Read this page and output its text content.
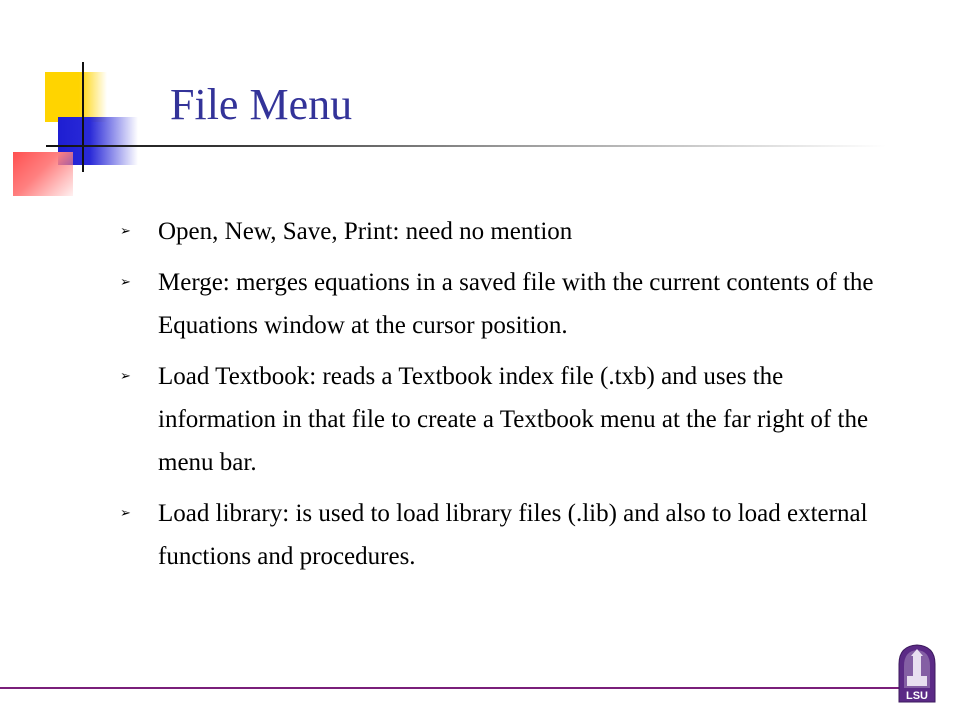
File Menu
➢ Open, New, Save, Print: need no mention
➢ Merge: merges equations in a saved file with the current contents of the Equations window at the cursor position.
➢ Load Textbook: reads a Textbook index file (.txb) and uses the information in that file to create a Textbook menu at the far right of the menu bar.
➢ Load library: is used to load library files (.lib) and also to load external functions and procedures.
LSU
